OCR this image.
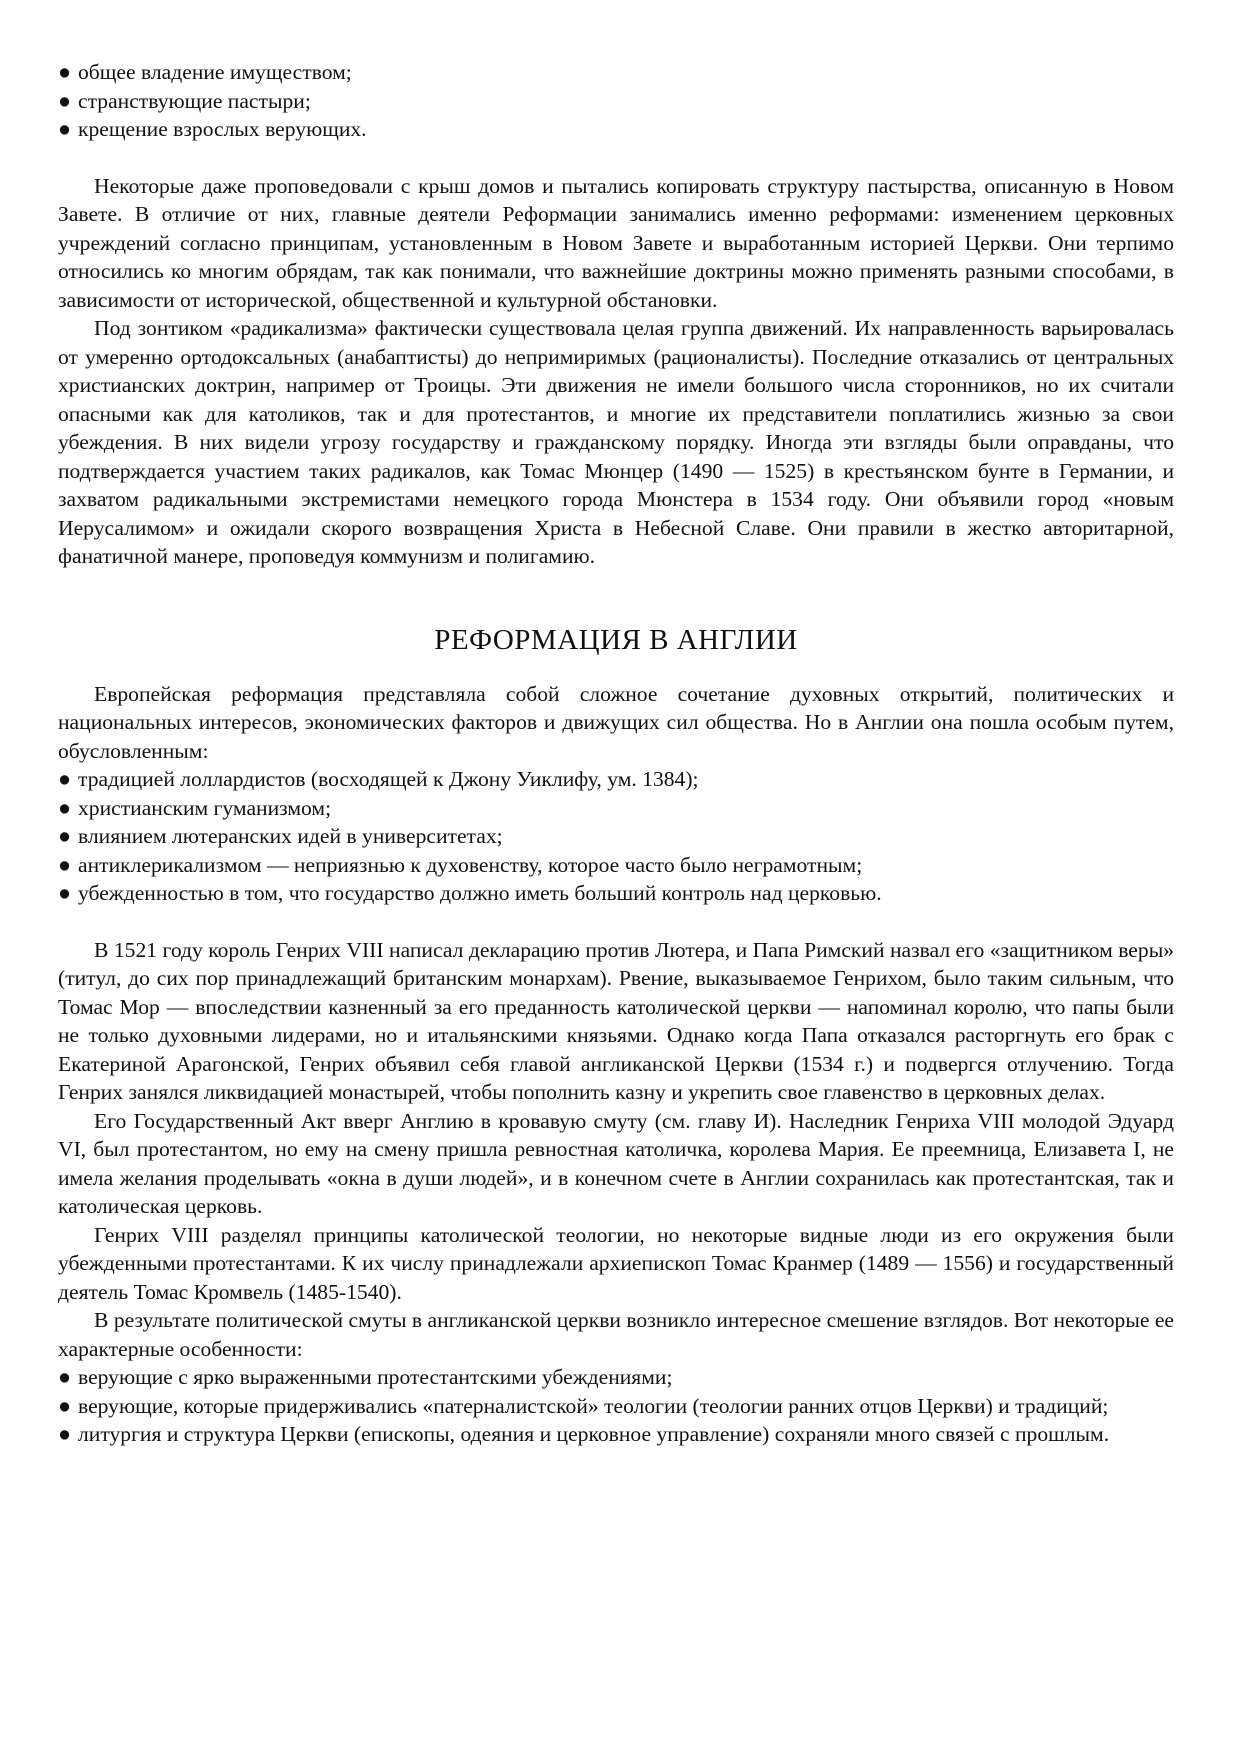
● общее владение имуществом;
● странствующие пастыри;
● крещение взрослых верующих.

Некоторые даже проповедовали с крыш домов и пытались копировать структуру пастырства, описанную в Новом Завете. В отличие от них, главные деятели Реформации занимались именно реформами: изменением церковных учреждений согласно принципам, установленным в Новом Завете и выработанным историей Церкви. Они терпимо относились ко многим обрядам, так как понимали, что важнейшие доктрины можно применять разными способами, в зависимости от исторической, общественной и культурной обстановки.

Под зонтиком «радикализма» фактически существовала целая группа движений. Их направленность варьировалась от умеренно ортодоксальных (анабаптисты) до непримиримых (рационалисты). Последние отказались от центральных христианских доктрин, например от Троицы. Эти движения не имели большого числа сторонников, но их считали опасными как для католиков, так и для протестантов, и многие их представители поплатились жизнью за свои убеждения. В них видели угрозу государству и гражданскому порядку. Иногда эти взгляды были оправданы, что подтверждается участием таких радикалов, как Томас Мюнцер (1490 — 1525) в крестьянском бунте в Германии, и захватом радикальными экстремистами немецкого города Мюнстера в 1534 году. Они объявили город «новым Иерусалимом» и ожидали скорого возвращения Христа в Небесной Славе. Они правили в жестко авторитарной, фанатичной манере, проповедуя коммунизм и полигамию.

РЕФОРМАЦИЯ В АНГЛИИ

Европейская реформация представляла собой сложное сочетание духовных открытий, политических и национальных интересов, экономических факторов и движущих сил общества. Но в Англии она пошла особым путем, обусловленным:

● традицией лоллардистов (восходящей к Джону Уиклифу, ум. 1384);
● христианским гуманизмом;
● влиянием лютеранских идей в университетах;
● антиклерикализмом — неприязнью к духовенству, которое часто было неграмотным;
● убежденностью в том, что государство должно иметь больший контроль над церковью.

В 1521 году король Генрих VIII написал декларацию против Лютера, и Папа Римский назвал его «защитником веры» (титул, до сих пор принадлежащий британским монархам). Рвение, выказываемое Генрихом, было таким сильным, что Томас Мор — впоследствии казненный за его преданность католической церкви — напоминал королю, что папы были не только духовными лидерами, но и итальянскими князьями. Однако когда Папа отказался расторгнуть его брак с Екатериной Арагонской, Генрих объявил себя главой англиканской Церкви (1534 г.) и подвергся отлучению. Тогда Генрих занялся ликвидацией монастырей, чтобы пополнить казну и укрепить свое главенство в церковных делах.

Его Государственный Акт вверг Англию в кровавую смуту (см. главу И). Наследник Генриха VIII молодой Эдуард VI, был протестантом, но ему на смену пришла ревностная католичка, королева Мария. Ее преемница, Елизавета I, не имела желания проделывать «окна в души людей», и в конечном счете в Англии сохранилась как протестантская, так и католическая церковь.

Генрих VIII разделял принципы католической теологии, но некоторые видные люди из его окружения были убежденными протестантами. К их числу принадлежали архиепископ Томас Кранмер (1489 — 1556) и государственный деятель Томас Кромвель (1485-1540).

В результате политической смуты в англиканской церкви возникло интересное смешение взглядов. Вот некоторые ее характерные особенности:

● верующие с ярко выраженными протестантскими убеждениями;
● верующие, которые придерживались «патерналистской» теологии (теологии ранних отцов Церкви) и традиций;
● литургия и структура Церкви (епископы, одеяния и церковное управление) сохраняли много связей с прошлым.
